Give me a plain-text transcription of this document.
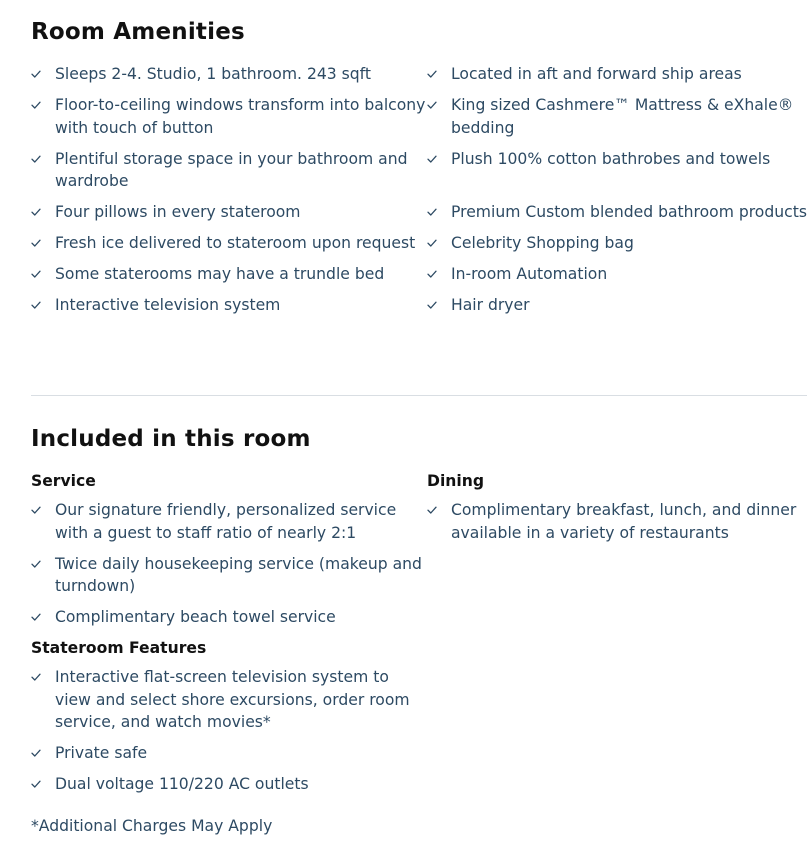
Room Amenities
Sleeps 2-4. Studio, 1 bathroom. 243 sqft	Located in aft and forward ship areas
Floor-to-ceiling windows transform into balcony with touch of button
King sized Cashmere™ Mattress & eXhale® bedding
Plentiful storage space in your bathroom and wardrobe
Plush 100% cotton bathrobes and towels
Four pillows in every stateroom	Premium Custom blended bathroom products
Fresh ice delivered to stateroom upon request	Celebrity Shopping bag
Some staterooms may have a trundle bed	In-room Automation
Interactive television system	Hair dryer
Included in this room
Service
Our signature friendly, personalized service with a guest to staff ratio of nearly 2:1
Twice daily housekeeping service (makeup and turndown)
Complimentary beach towel service
Stateroom Features
Interactive flat-screen television system to view and select shore excursions, order room service, and watch movies*
Private safe
Dual voltage 110/220 AC outlets
Dining
Complimentary breakfast, lunch, and dinner available in a variety of restaurants
*Additional Charges May Apply
